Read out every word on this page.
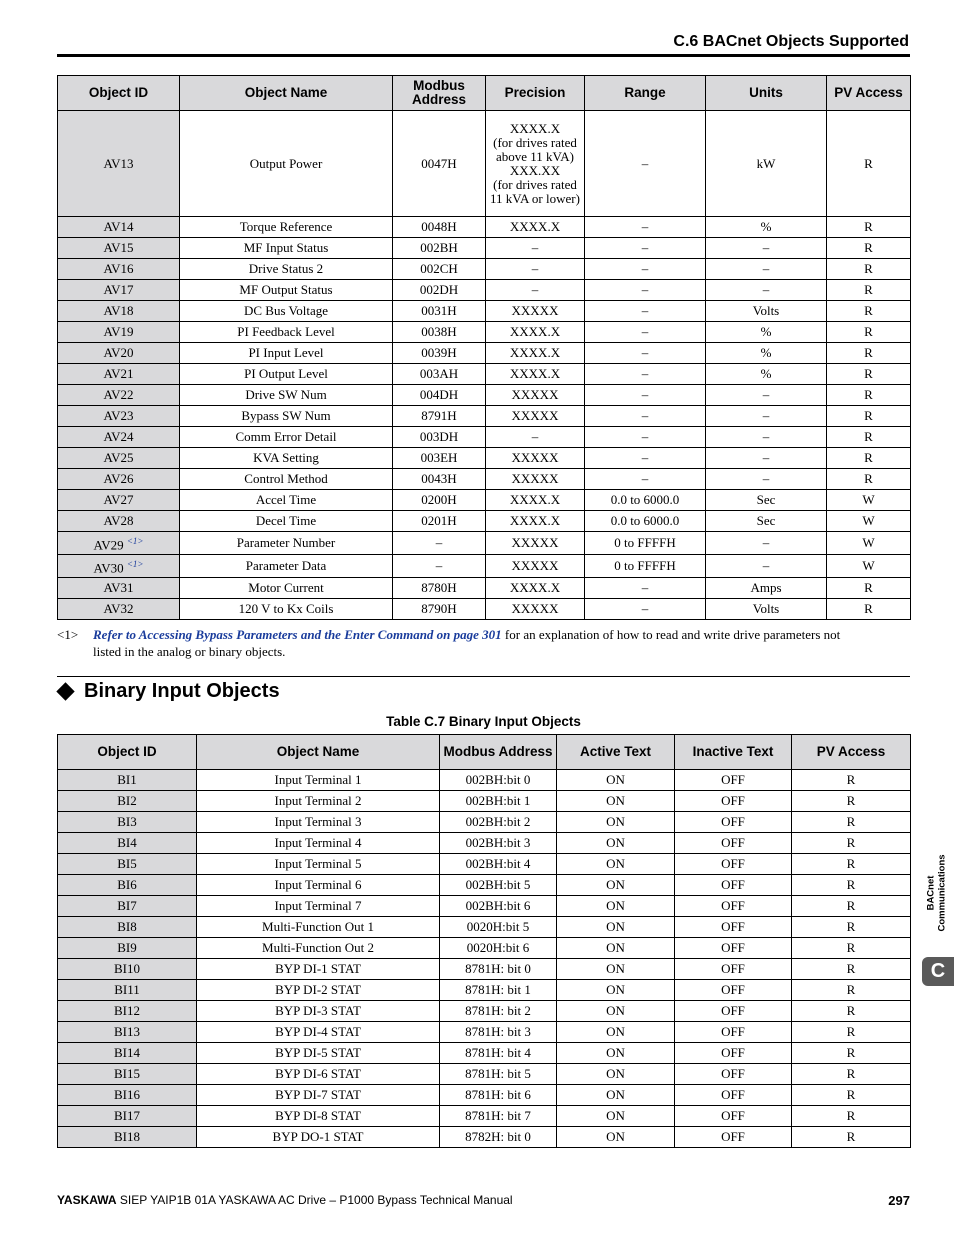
C.6 BACnet Objects Supported
Object ID	Object Name	Modbus Address	Precision	Range	Units	PV Access
AV13	Output Power	0047H	XXXX.X
(for drives rated above 11 kVA)
XXX.XX
(for drives rated 11 kVA or lower)	–	kW	R
AV14	Torque Reference	0048H	XXXX.X	–	%	R
AV15	MF Input Status	002BH	–	–	–	R
AV16	Drive Status 2	002CH	–	–	–	R
AV17	MF Output Status	002DH	–	–	–	R
AV18	DC Bus Voltage	0031H	XXXXX	–	Volts	R
AV19	PI Feedback Level	0038H	XXXX.X	–	%	R
AV20	PI Input Level	0039H	XXXX.X	–	%	R
AV21	PI Output Level	003AH	XXXX.X	–	%	R
AV22	Drive SW Num	004DH	XXXXX	–	–	R
AV23	Bypass SW Num	8791H	XXXXX	–	–	R
AV24	Comm Error Detail	003DH	–	–	–	R
AV25	KVA Setting	003EH	XXXXX	–	–	R
AV26	Control Method	0043H	XXXXX	–	–	R
AV27	Accel Time	0200H	XXXX.X	0.0 to 6000.0	Sec	W
AV28	Decel Time	0201H	XXXX.X	0.0 to 6000.0	Sec	W
AV29 $^{<1>}$	Parameter Number	–	XXXXX	0 to FFFFH	–	W
AV30 $^{<1>}$	Parameter Data	–	XXXXX	0 to FFFFH	–	W
AV31	Motor Current	8780H	XXXX.X	–	Amps	R
AV32	120 V to Kx Coils	8790H	XXXXX	–	Volts	R
<1> Refer to Accessing Bypass Parameters and the Enter Command on page 301 for an explanation of how to read and write drive parameters not
listed in the analog or binary objects.
Binary Input Objects
Table C.7 Binary Input Objects
Object ID	Object Name	Modbus Address	Active Text	Inactive Text	PV Access
BI1	Input Terminal 1	002BH:bit 0	ON	OFF	R
BI2	Input Terminal 2	002BH:bit 1	ON	OFF	R
BI3	Input Terminal 3	002BH:bit 2	ON	OFF	R
BI4	Input Terminal 4	002BH:bit 3	ON	OFF	R
BI5	Input Terminal 5	002BH:bit 4	ON	OFF	R
BI6	Input Terminal 6	002BH:bit 5	ON	OFF	R
BI7	Input Terminal 7	002BH:bit 6	ON	OFF	R
BI8	Multi-Function Out 1	0020H:bit 5	ON	OFF	R
BI9	Multi-Function Out 2	0020H:bit 6	ON	OFF	R
BI10	BYP DI-1 STAT	8781H: bit 0	ON	OFF	R
BI11	BYP DI-2 STAT	8781H: bit 1	ON	OFF	R
BI12	BYP DI-3 STAT	8781H: bit 2	ON	OFF	R
BI13	BYP DI-4 STAT	8781H: bit 3	ON	OFF	R
BI14	BYP DI-5 STAT	8781H: bit 4	ON	OFF	R
BI15	BYP DI-6 STAT	8781H: bit 5	ON	OFF	R
BI16	BYP DI-7 STAT	8781H: bit 6	ON	OFF	R
BI17	BYP DI-8 STAT	8781H: bit 7	ON	OFF	R
BI18	BYP DO-1 STAT	8782H: bit 0	ON	OFF	R
BACnet
Communications
C
YASKAWA SIEP YAIP1B 01A YASKAWA AC Drive – P1000 Bypass Technical Manual	297
